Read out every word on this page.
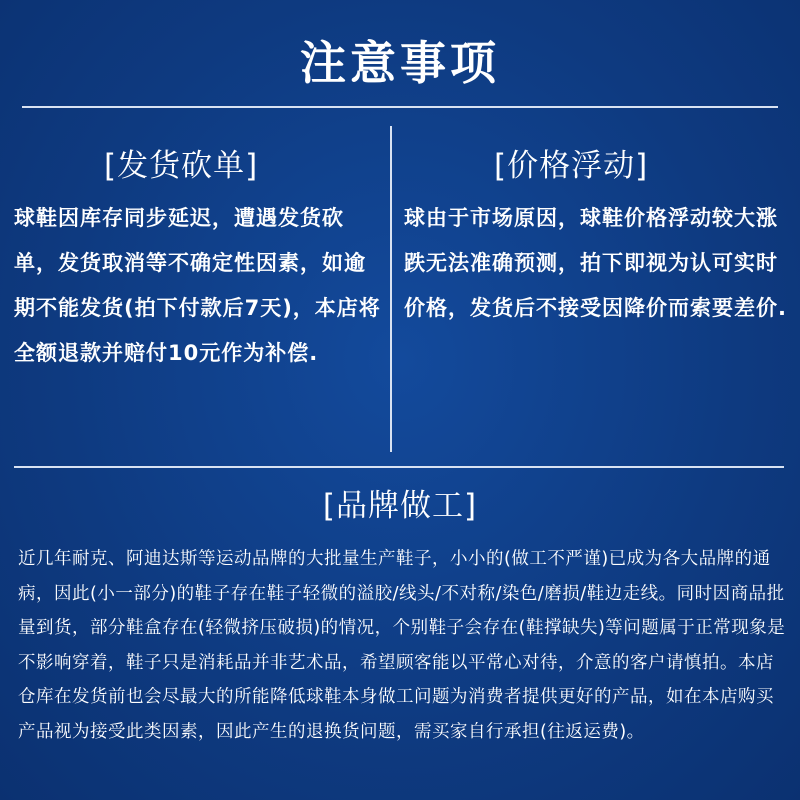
注意事项
[发货砍单]
球鞋因库存同步延迟，遭遇发货砍单，发货取消等不确定性因素，如逾期不能发货(拍下付款后7天)，本店将全额退款并赔付10元作为补偿.
[价格浮动]
球由于市场原因，球鞋价格浮动较大涨跌无法准确预测，拍下即视为认可实时价格，发货后不接受因降价而索要差价.
[品牌做工]
近几年耐克、阿迪达斯等运动品牌的大批量生产鞋子，小小的(做工不严谨)已成为各大品牌的通病，因此(小一部分)的鞋子存在鞋子轻微的溢胶/线头/不对称/染色/磨损/鞋边走线。同时因商品批量到货，部分鞋盒存在(轻微挤压破损)的情况，个别鞋子会存在(鞋撑缺失)等问题属于正常现象是不影响穿着，鞋子只是消耗品并非艺术品，希望顾客能以平常心对待，介意的客户请慎拍。本店仓库在发货前也会尽最大的所能降低球鞋本身做工问题为消费者提供更好的产品，如在本店购买产品视为接受此类因素，因此产生的退换货问题，需买家自行承担(往返运费)。
